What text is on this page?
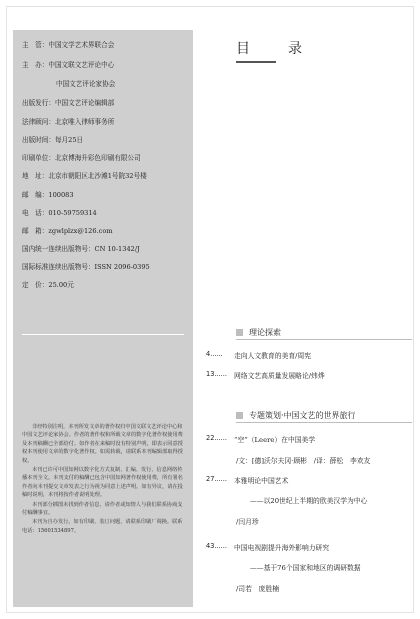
主　管：中国文学艺术界联合会
主　办：中国文联文艺评论中心
中国文艺评论家协会
出版发行：中国文艺评论编辑部
法律顾问：北京唯入律师事务所
出版时间：每月25日
印刷单位：北京博海升彩色印刷有限公司
地　址：北京市朝阳区北沙滩1号院32号楼
邮　编：100083
电　话：010-59759314
邮　箱：zgwlplzx@126.com
国内统一连续出版物号：CN 10-1342/J
国际标准连续出版物号：ISSN 2096-0395
定　价：25.00元

非经特别注明，本刊所发文章的著作权归中国文联文艺评论中心和中国文艺评论家协会。作者的著作权和所载文章的数字化著作权使用费及本刊稿酬已全部给付。如作者在来稿时没有特别声明，即表示同意授权本刊使用文章的数字化著作权。如需转载，请联系本刊编辑部取得授权。

本刊已许可中国知网以数字化方式复制、汇编、发行、信息网络传播本刊全文。本刊支付的稿酬已包含中国知网著作权使用费，所有署名作者向本刊提交文章发表之行为视为同意上述声明。如有异议，请在投稿时说明，本刊将按作者说明处理。

本刊部分插图未找到作者信息，请作者或知情人与我们联系协商支付稿酬事宜。

本刊为自办发行。如有印刷、装订问题，请联系印刷厂调换。联系电话：15601534897。

目　录
理论探索
4...... 走向人文教育的美育/周宪
13...... 网络文艺高质量发展略论/炜烨
专题策划·中国文艺的世界旅行
22...... “空”（Leere）在中国美学
/文：[德]沃尔夫冈·顾彬　/译：薛松　李欢友
27...... 本雅明论中国艺术
——以20世纪上半期的欧美汉学为中心
/闫月珍
43...... 中国电视剧提升海外影响力研究
——基于76个国家和地区的调研数据
/司若　庞胜楠
